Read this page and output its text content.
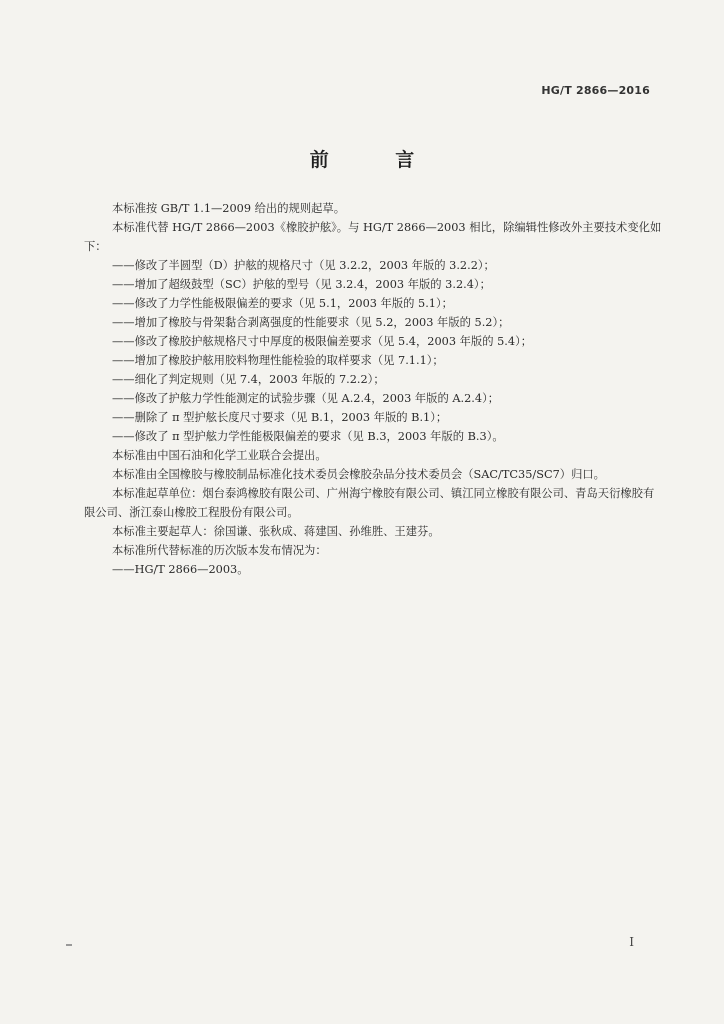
HG/T 2866—2016
前 言

本标准按 GB/T 1.1—2009 给出的规则起草。

本标准代替 HG/T 2866—2003《橡胶护舷》。与 HG/T 2866—2003 相比，除编辑性修改外主要技术变化如下：

——修改了半圆型（D）护舷的规格尺寸（见 3.2.2，2003 年版的 3.2.2）；

——增加了超级鼓型（SC）护舷的型号（见 3.2.4，2003 年版的 3.2.4）；

——修改了力学性能极限偏差的要求（见 5.1，2003 年版的 5.1）；

——增加了橡胶与骨架黏合剥离强度的性能要求（见 5.2，2003 年版的 5.2）；

——修改了橡胶护舷规格尺寸中厚度的极限偏差要求（见 5.4，2003 年版的 5.4）；

——增加了橡胶护舷用胶料物理性能检验的取样要求（见 7.1.1）；

——细化了判定规则（见 7.4，2003 年版的 7.2.2）；

——修改了护舷力学性能测定的试验步骤（见 A.2.4，2003 年版的 A.2.4）；

——删除了 π 型护舷长度尺寸要求（见 B.1，2003 年版的 B.1）；

——修改了 π 型护舷力学性能极限偏差的要求（见 B.3，2003 年版的 B.3）。

本标准由中国石油和化学工业联合会提出。

本标准由全国橡胶与橡胶制品标准化技术委员会橡胶杂品分技术委员会（SAC/TC35/SC7）归口。

本标准起草单位：烟台泰鸿橡胶有限公司、广州海宁橡胶有限公司、镇江同立橡胶有限公司、青岛天衍橡胶有限公司、浙江泰山橡胶工程股份有限公司。

本标准主要起草人：徐国谦、张秋成、蒋建国、孙维胜、王建芬。

本标准所代替标准的历次版本发布情况为：

——HG/T 2866—2003。

I
